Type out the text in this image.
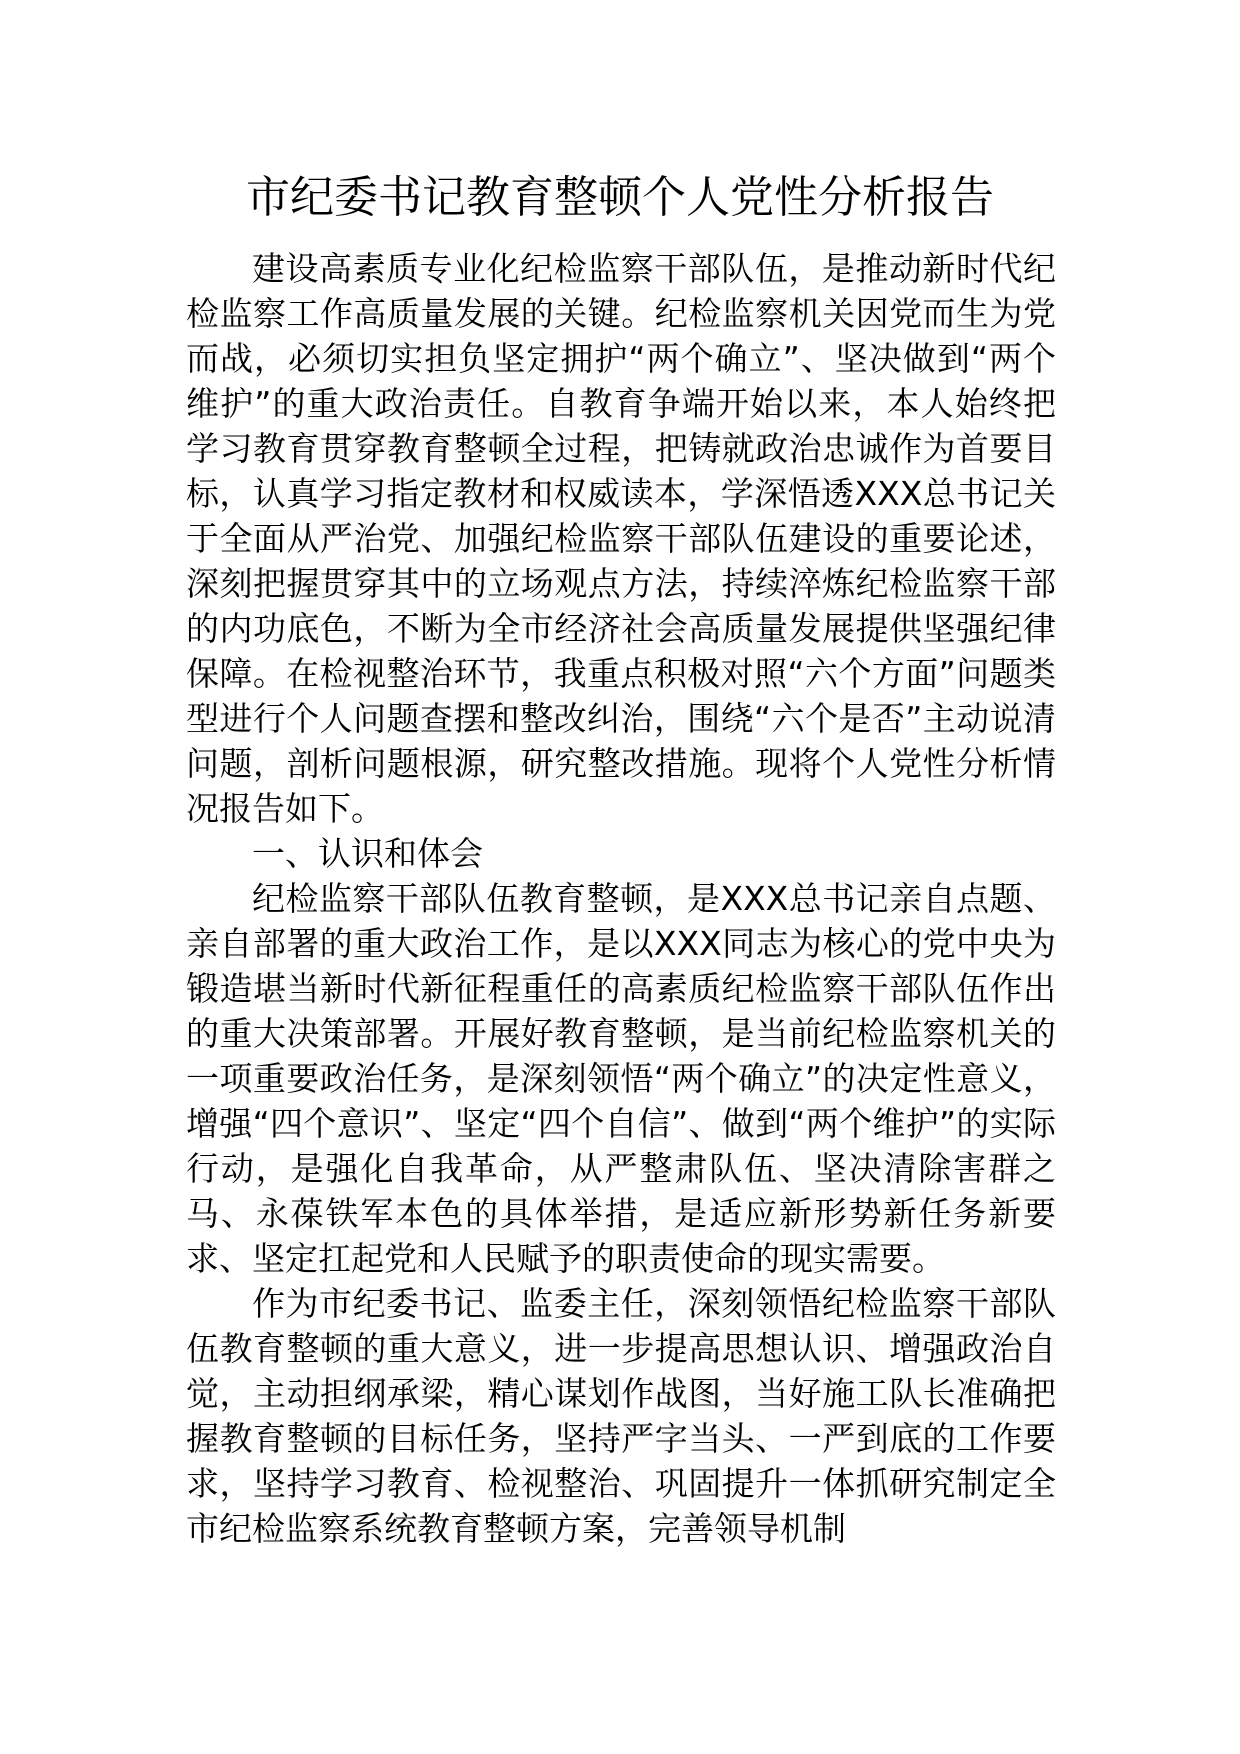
市纪委书记教育整顿个人党性分析报告

建设高素质专业化纪检监察干部队伍，是推动新时代纪检监察工作高质量发展的关键。纪检监察机关因党而生为党而战，必须切实担负坚定拥护“两个确立”、坚决做到“两个维护”的重大政治责任。自教育争端开始以来，本人始终把学习教育贯穿教育整顿全过程，把铸就政治忠诚作为首要目标，认真学习指定教材和权威读本，学深悟透XXX总书记关于全面从严治党、加强纪检监察干部队伍建设的重要论述，深刻把握贯穿其中的立场观点方法，持续淬炼纪检监察干部的内功底色，不断为全市经济社会高质量发展提供坚强纪律保障。在检视整治环节，我重点积极对照“六个方面”问题类型进行个人问题查摆和整改纠治，围绕“六个是否”主动说清问题，剖析问题根源，研究整改措施。现将个人党性分析情况报告如下。

一、认识和体会

纪检监察干部队伍教育整顿，是XXX总书记亲自点题、亲自部署的重大政治工作，是以XXX同志为核心的党中央为锻造堪当新时代新征程重任的高素质纪检监察干部队伍作出的重大决策部署。开展好教育整顿，是当前纪检监察机关的一项重要政治任务，是深刻领悟“两个确立”的决定性意义，增强“四个意识”、坚定“四个自信”、做到“两个维护”的实际行动，是强化自我革命，从严整肃队伍、坚决清除害群之马、永葆铁军本色的具体举措，是适应新形势新任务新要求、坚定扛起党和人民赋予的职责使命的现实需要。

作为市纪委书记、监委主任，深刻领悟纪检监察干部队伍教育整顿的重大意义，进一步提高思想认识、增强政治自觉，主动担纲承梁，精心谋划作战图，当好施工队长准确把握教育整顿的目标任务，坚持严字当头、一严到底的工作要求，坚持学习教育、检视整治、巩固提升一体抓研究制定全市纪检监察系统教育整顿方案，完善领导机制
